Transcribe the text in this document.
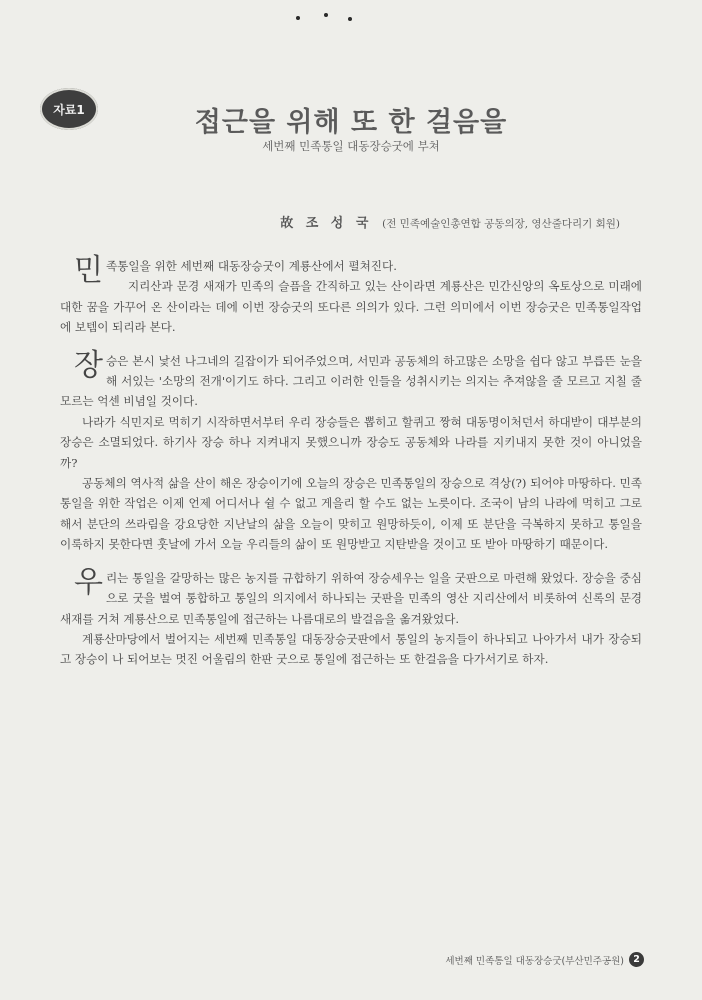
자료1	접근을 위해 또 한 걸음을
세번째 민족통일 대동장승굿에 부쳐
故 조 성 국 (전 민족예술인총연합 공동의장, 영산줄다리기 회원)

민족통일을 위한 세번째 대동장승굿이 계룡산에서 펼쳐진다.

지리산과 문경 새재가 민족의 슬픔을 간직하고 있는 산이라면 계룡산은 민간신앙의 옥토상으로 미래에 대한 꿈을 가꾸어 온 산이라는 데에 이번 장승굿의 또다른 의의가 있다. 그런 의미에서 이번 장승굿은 민족통일작업에 보템이 되리라 본다.

장승은 본시 낯선 나그네의 길잡이가 되어주었으며, 서민과 공동체의 하고많은 소망을 쉽다 않고 부릅뜬 눈을 해 서있는 '소망의 전개'이기도 하다. 그리고 이러한 인들을 성취시키는 의지는 추져않을 줄 모르고 지칠 줄 모르는 억센 비념일 것이다.

나라가 식민지로 먹히기 시작하면서부터 우리 장승들은 뽑히고 할퀴고 짱혀 대동명이처던서 하대받이 대부분의 장승은 소멸되었다. 하기사 장승 하나 지켜내지 못했으니까 장승도 공동체와 나라를 지키내지 못한 것이 아니었을까?

공동체의 역사적 삶을 산이 해온 장승이기에 오늘의 장승은 민족통일의 장승으로 격상(?) 되어야 마땅하다. 민족통일을 위한 작업은 이제 언제 어디서나 쉴 수 없고 게을리 할 수도 없는 노릇이다. 조국이 남의 나라에 먹히고 그로 해서 분단의 쓰라림을 강요당한 지난날의 삶을 오늘이 맞히고 원망하듯이, 이제 또 분단을 극복하지 못하고 통일을 이룩하지 못한다면 훗날에 가서 오늘 우리들의 삶이 또 원망받고 지탄받을 것이고 또 받아 마땅하기 때문이다.

우리는 통일을 갈망하는 많은 농지를 규합하기 위하여 장승세우는 일을 굿판으로 마련해 왔었다. 장승을 중심으로 굿을 벌여 통합하고 통일의 의지에서 하나되는 굿판을 민족의 영산 지리산에서 비롯하여 신록의 문경새재를 거쳐 계룡산으로 민족통일에 접근하는 나름대로의 발걸음을 옮겨왔었다.

계룡산마당에서 벌어지는 세번째 민족통일 대동장승굿판에서 통일의 농지들이 하나되고 나아가서 내가 장승되고 장승이 나 되어보는 멋진 어울림의 한판 굿으로 통일에 접근하는 또 한걸음을 다가서기로 하자.

세번째 민족통일 대동장승굿(부산민주공원) 2
